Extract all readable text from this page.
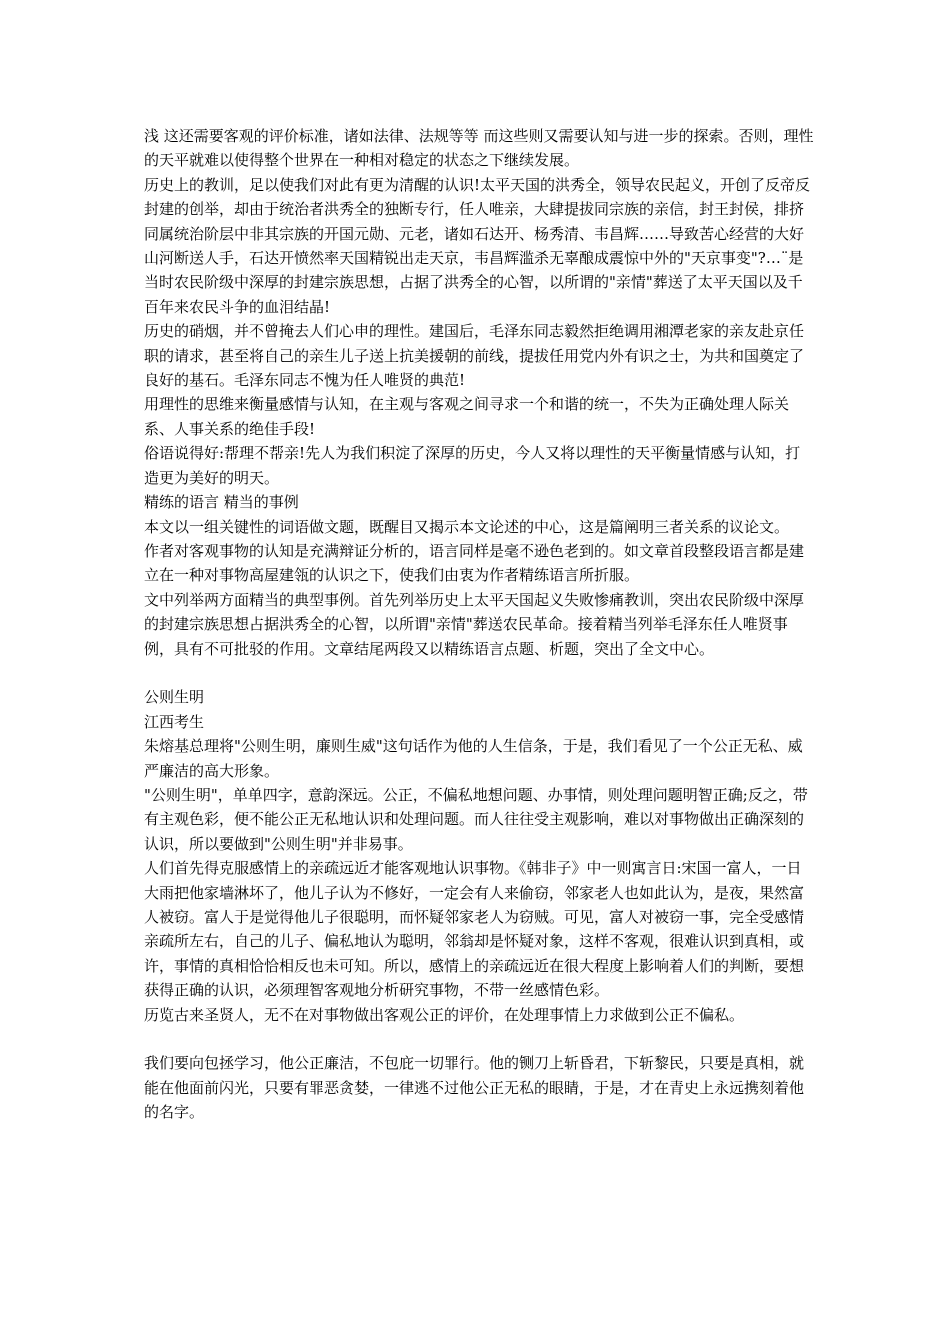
浅 这还需要客观的评价标准，诸如法律、法规等等 而这些则又需要认知与进一步的探索。否则，理性的天平就难以使得整个世界在一种相对稳定的状态之下继续发展。

历史上的教训，足以使我们对此有更为清醒的认识!太平天国的洪秀全，领导农民起义，开创了反帝反封建的创举，却由于统治者洪秀全的独断专行，任人唯亲，大肆提拔同宗族的亲信，封王封侯，排挤同属统治阶层中非其宗族的开国元勋、元老，诸如石达开、杨秀清、韦昌辉……导致苦心经营的大好山河断送人手，石达开愤然率天国精锐出走天京，韦昌辉滥杀无辜酿成震惊中外的"天京事变"?…¨是当时农民阶级中深厚的封建宗族思想，占据了洪秀全的心智，以所谓的"亲情"葬送了太平天国以及千百年来农民斗争的血泪结晶!

历史的硝烟，并不曾掩去人们心申的理性。建国后，毛泽东同志毅然拒绝调用湘潭老家的亲友赴京任职的请求，甚至将自己的亲生儿子送上抗美援朝的前线，提拔任用党内外有识之士，为共和国奠定了良好的基石。毛泽东同志不愧为任人唯贤的典范!

用理性的思维来衡量感情与认知，在主观与客观之间寻求一个和谐的统一，不失为正确处理人际关系、人事关系的绝佳手段!

俗语说得好:帮理不帮亲!先人为我们积淀了深厚的历史，今人又将以理性的天平衡量情感与认知，打造更为美好的明天。

精练的语言 精当的事例

本文以一组关键性的词语做文题，既醒目又揭示本文论述的中心，这是篇阐明三者关系的议论文。

作者对客观事物的认知是充满辩证分析的，语言同样是毫不逊色老到的。如文章首段整段语言都是建立在一种对事物高屋建瓴的认识之下，使我们由衷为作者精练语言所折服。

文中列举两方面精当的典型事例。首先列举历史上太平天国起义失败惨痛教训，突出农民阶级中深厚的封建宗族思想占据洪秀全的心智，以所谓"亲情"葬送农民革命。接着精当列举毛泽东任人唯贤事例，具有不可批驳的作用。文章结尾两段又以精练语言点题、析题，突出了全文中心。

公则生明

江西考生

朱熔基总理将"公则生明，廉则生威"这句话作为他的人生信条，于是，我们看见了一个公正无私、威严廉洁的高大形象。

"公则生明"，单单四字，意韵深远。公正，不偏私地想问题、办事情，则处理问题明智正确;反之，带有主观色彩，便不能公正无私地认识和处理问题。而人往往受主观影响，难以对事物做出正确深刻的认识，所以要做到"公则生明"并非易事。

人们首先得克服感情上的亲疏远近才能客观地认识事物。《韩非子》中一则寓言日:宋国一富人，一日大雨把他家墙淋坏了，他儿子认为不修好，一定会有人来偷窃，邻家老人也如此认为，是夜，果然富人被窃。富人于是觉得他儿子很聪明，而怀疑邻家老人为窃贼。可见，富人对被窃一事，完全受感情亲疏所左右，自己的儿子、偏私地认为聪明，邻翁却是怀疑对象，这样不客观，很难认识到真相，或许，事情的真相恰恰相反也未可知。所以，感情上的亲疏远近在很大程度上影响着人们的判断，要想获得正确的认识，必须理智客观地分析研究事物，不带一丝感情色彩。

历览古来圣贤人，无不在对事物做出客观公正的评价，在处理事情上力求做到公正不偏私。

我们要向包拯学习，他公正廉洁，不包庇一切罪行。他的铡刀上斩昏君，下斩黎民，只要是真相，就能在他面前闪光，只要有罪恶贪婪，一律逃不过他公正无私的眼睛，于是，才在青史上永远携刻着他的名字。
